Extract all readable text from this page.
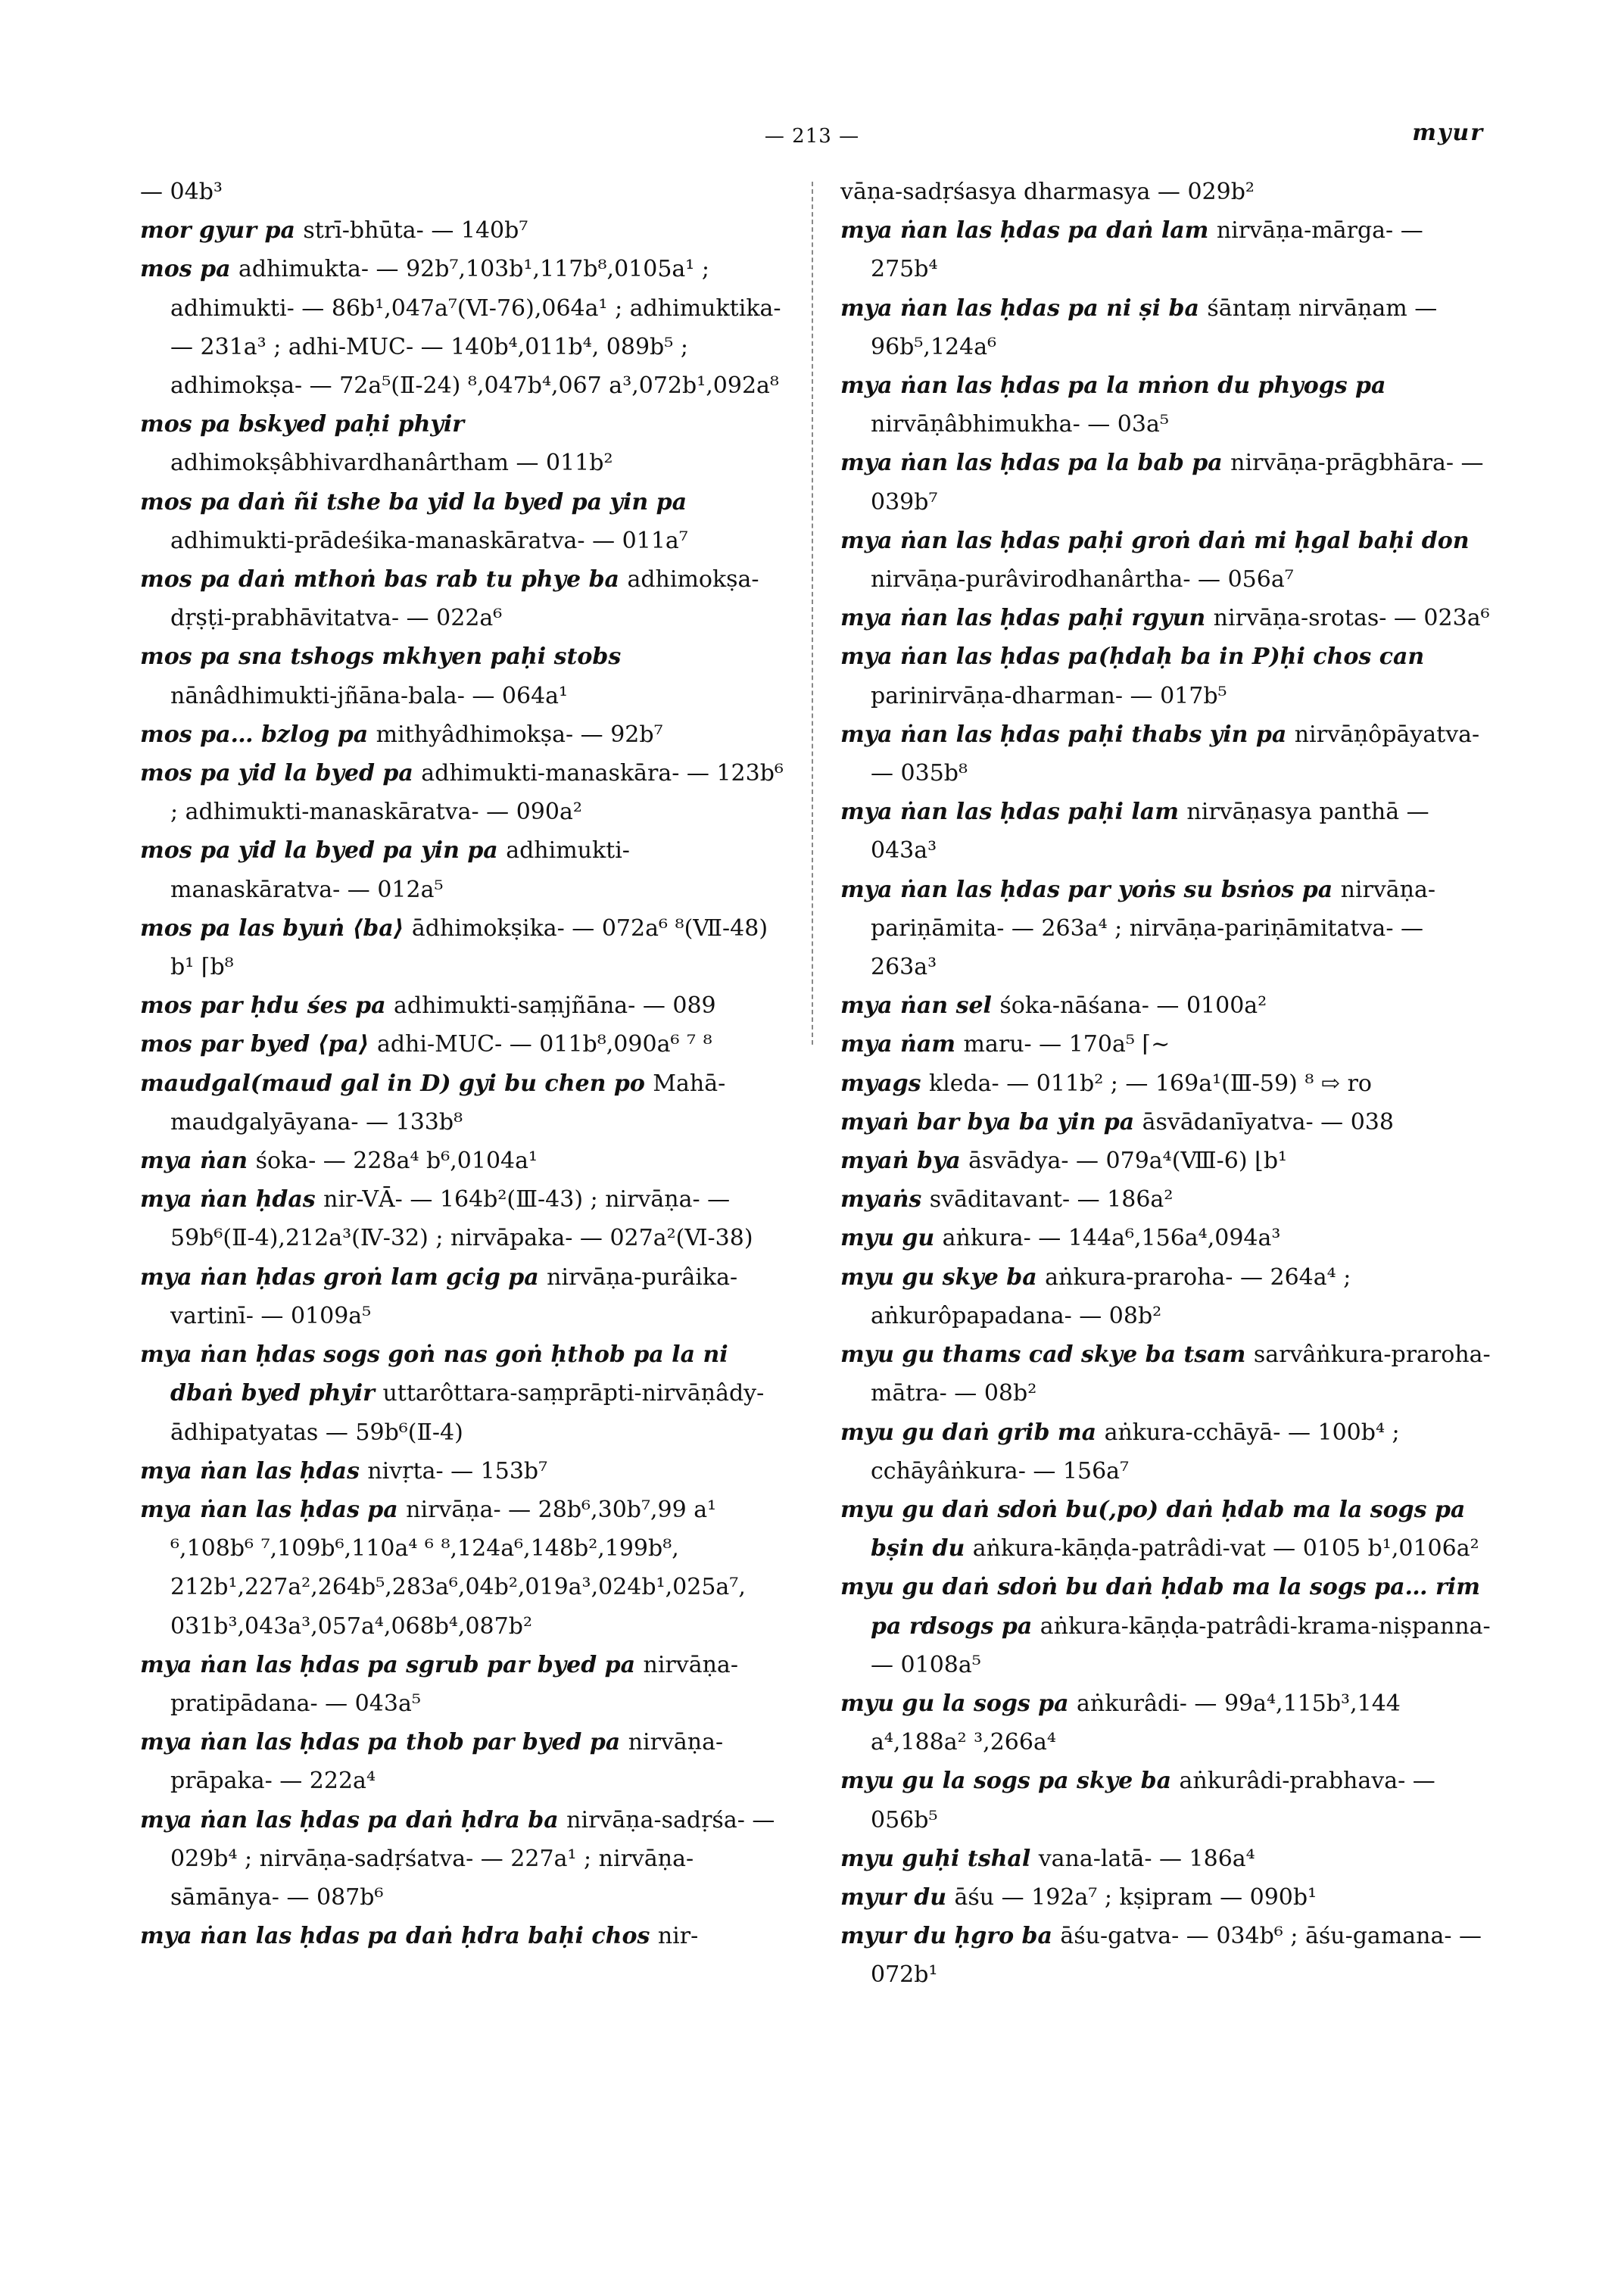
— 213 —	myur

— 04b³

mor gyur pa strī-bhūta- — 140b⁷

mos pa adhimukta- — 92b⁷,103b¹,117b⁸,0105a¹ ; adhimukti- — 86b¹,047a⁷(Ⅵ-76),064a¹ ; adhimuktika- — 231a³ ; adhi-MUC- — 140b⁴,011b⁴, 089b⁵ ; adhimokṣa- — 72a⁵(Ⅱ-24) ⁸,047b⁴,067 a³,072b¹,092a⁸

mos pa bskyed paḥi phyiradhimokṣâbhivardhanârtham — 011b²

mos pa daṅ ñi tshe ba yid la byed pa yin paadhimukti-prādeśika-manaskāratva- — 011a⁷

mos pa daṅ mthoṅ bas rab tu phye ba adhimokṣa-dṛṣṭi-prabhāvitatva- — 022a⁶

mos pa sna tshogs mkhyen paḥi stobsnānâdhimukti-jñāna-bala- — 064a¹

mos pa… bzlog pa mithyâdhimokṣa- — 92b⁷

mos pa yid la byed pa adhimukti-manaskāra- — 123b⁶ ; adhimukti-manaskāratva- — 090a²

mos pa yid la byed pa yin pa adhimukti-manaskāratva- — 012a⁵

mos pa las byuṅ ⟨ba⟩ ādhimokṣika- — 072a⁶ ⁸(Ⅶ-48) b¹ ⌈b⁸

mos par ḥdu śes pa adhimukti-saṃjñāna- — 089

mos par byed ⟨pa⟩ adhi-MUC- — 011b⁸,090a⁶ ⁷ ⁸

maudgal(maud gal in D) gyi bu chen po Mahā-maudgalyāyana- — 133b⁸

mya ṅan śoka- — 228a⁴ b⁶,0104a¹

mya ṅan ḥdas nir-VĀ- — 164b²(Ⅲ-43) ; nirvāṇa- — 59b⁶(Ⅱ-4),212a³(Ⅳ-32) ; nirvāpaka- — 027a²(Ⅵ-38)

mya ṅan ḥdas groṅ lam gcig pa nirvāṇa-purâika-vartinī- — 0109a⁵

mya ṅan ḥdas sogs goṅ nas goṅ ḥthob pa la ni dbaṅ byed phyir uttarôttara-saṃprāpti-nirvāṇâdy-ādhipatyatas — 59b⁶(Ⅱ-4)

mya ṅan las ḥdas nivṛta- — 153b⁷

mya ṅan las ḥdas pa nirvāṇa- — 28b⁶,30b⁷,99 a¹ ⁶,108b⁶ ⁷,109b⁶,110a⁴ ⁶ ⁸,124a⁶,148b²,199b⁸, 212b¹,227a²,264b⁵,283a⁶,04b²,019a³,024b¹,025a⁷, 031b³,043a³,057a⁴,068b⁴,087b²

mya ṅan las ḥdas pa sgrub par byed pa nirvāṇa-pratipādana- — 043a⁵

mya ṅan las ḥdas pa thob par byed pa nirvāṇa-prāpaka- — 222a⁴

mya ṅan las ḥdas pa daṅ ḥdra ba nirvāṇa-sadṛśa- — 029b⁴ ; nirvāṇa-sadṛśatva- — 227a¹ ; nirvāṇa-sāmānya- — 087b⁶

mya ṅan las ḥdas pa daṅ ḥdra baḥi chos nir-

vāṇa-sadṛśasya dharmasya — 029b²

mya ṅan las ḥdas pa daṅ lam nirvāṇa-mārga- — 275b⁴

mya ṅan las ḥdas pa ni ṣi ba śāntaṃ nirvāṇam — 96b⁵,124a⁶

mya ṅan las ḥdas pa la mṅon du phyogs panirvāṇâbhimukha- — 03a⁵

mya ṅan las ḥdas pa la bab pa nirvāṇa-prāgbhāra- — 039b⁷

mya ṅan las ḥdas paḥi groṅ daṅ mi ḥgal baḥi donnirvāṇa-purâvirodhanârtha- — 056a⁷

mya ṅan las ḥdas paḥi rgyun nirvāṇa-srotas- — 023a⁶

mya ṅan las ḥdas pa(ḥdaḥ ba in P)ḥi chos canparinirvāṇa-dharman- — 017b⁵

mya ṅan las ḥdas paḥi thabs yin pa nirvāṇôpāyatva- — 035b⁸

mya ṅan las ḥdas paḥi lam nirvāṇasya panthā — 043a³

mya ṅan las ḥdas par yoṅs su bsṅos pa nirvāṇa-pariṇāmita- — 263a⁴ ; nirvāṇa-pariṇāmitatva- — 263a³

mya ṅan sel śoka-nāśana- — 0100a²

mya ṅam maru- — 170a⁵ ⌈~

myags kleda- — 011b² ; — 169a¹(Ⅲ-59) ⁸ ⇨ ro

myaṅ bar bya ba yin pa āsvādanīyatva- — 038

myaṅ bya āsvādya- — 079a⁴(Ⅷ-6) ⌊b¹

myaṅs svāditavant- — 186a²

myu gu aṅkura- — 144a⁶,156a⁴,094a³

myu gu skye ba aṅkura-praroha- — 264a⁴ ; aṅkurôpapadana- — 08b²

myu gu thams cad skye ba tsam sarvâṅkura-praroha-mātra- — 08b²

myu gu daṅ grib ma aṅkura-cchāyā- — 100b⁴ ; cchāyâṅkura- — 156a⁷

myu gu daṅ sdoṅ bu(,po) daṅ ḥdab ma la sogs pa bṣin du aṅkura-kāṇḍa-patrâdi-vat — 0105 b¹,0106a²

myu gu daṅ sdoṅ bu daṅ ḥdab ma la sogs pa… rim pa rdsogs pa aṅkura-kāṇḍa-patrâdi-krama-niṣpanna- — 0108a⁵

myu gu la sogs pa aṅkurâdi- — 99a⁴,115b³,144 a⁴,188a² ³,266a⁴

myu gu la sogs pa skye ba aṅkurâdi-prabhava- — 056b⁵

myu guḥi tshal vana-latā- — 186a⁴

myur du āśu — 192a⁷ ; kṣipram — 090b¹

myur du ḥgro ba āśu-gatva- — 034b⁶ ; āśu-gamana- — 072b¹
